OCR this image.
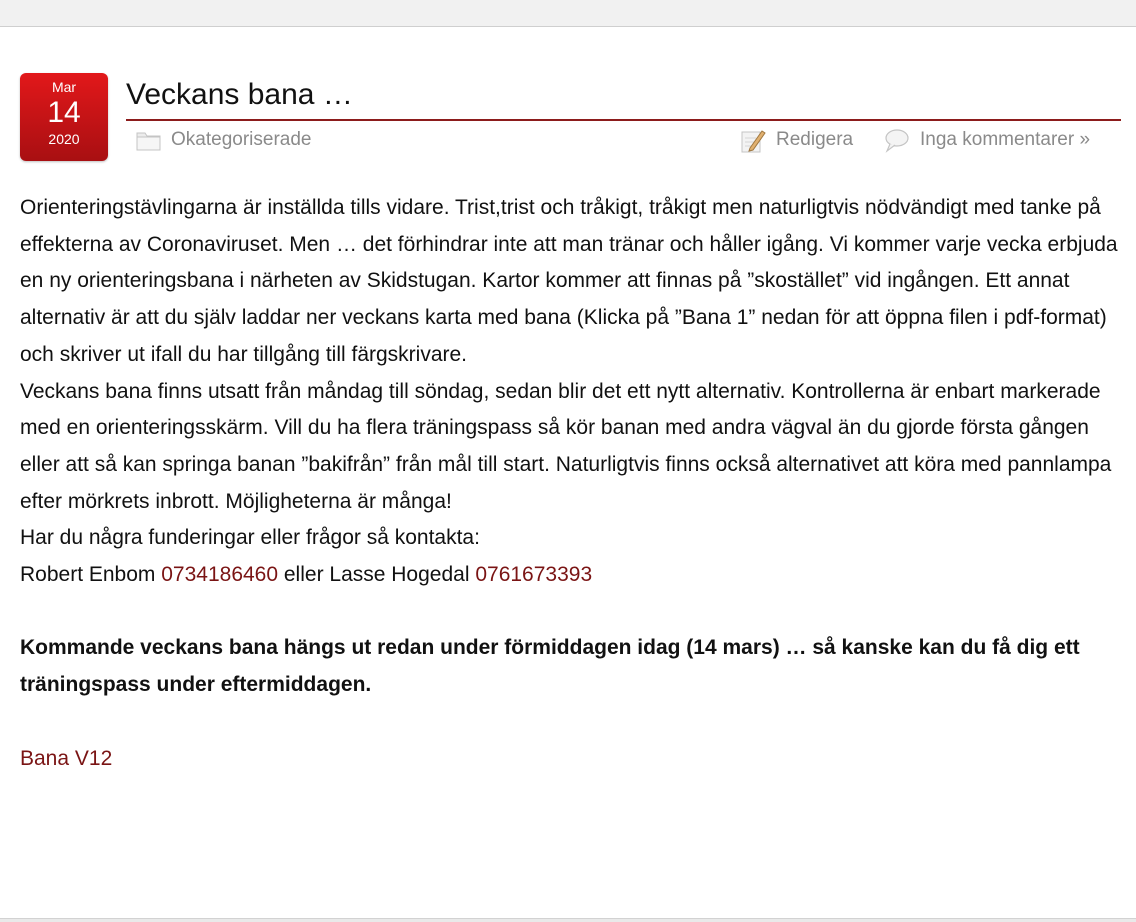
Mar
14
2020
Veckans bana …
Okategoriserade	Redigera	Inga kommentarer »

Orienteringstävlingarna är inställda tills vidare. Trist,trist och tråkigt, tråkigt men naturligtvis nödvändigt med tanke på effekterna av Coronaviruset. Men … det förhindrar inte att man tränar och håller igång. Vi kommer varje vecka erbjuda en ny orienteringsbana i närheten av Skidstugan. Kartor kommer att finnas på ”skostället” vid ingången. Ett annat alternativ är att du själv laddar ner veckans karta med bana (Klicka på ”Bana 1” nedan för att öppna filen i pdf-format) och skriver ut ifall du har tillgång till färgskrivare.

Veckans bana finns utsatt från måndag till söndag, sedan blir det ett nytt alternativ. Kontrollerna är enbart markerade med en orienteringsskärm. Vill du ha flera träningspass så kör banan med andra vägval än du gjorde första gången eller att så kan springa banan ”bakifrån” från mål till start. Naturligtvis finns också alternativet att köra med pannlampa efter mörkrets inbrott. Möjligheterna är många!

Har du några funderingar eller frågor så kontakta:

Robert Enbom 0734186460 eller Lasse Hogedal 0761673393

Kommande veckans bana hängs ut redan under förmiddagen idag (14 mars) … så kanske kan du få dig ett träningspass under eftermiddagen.

Bana V12
